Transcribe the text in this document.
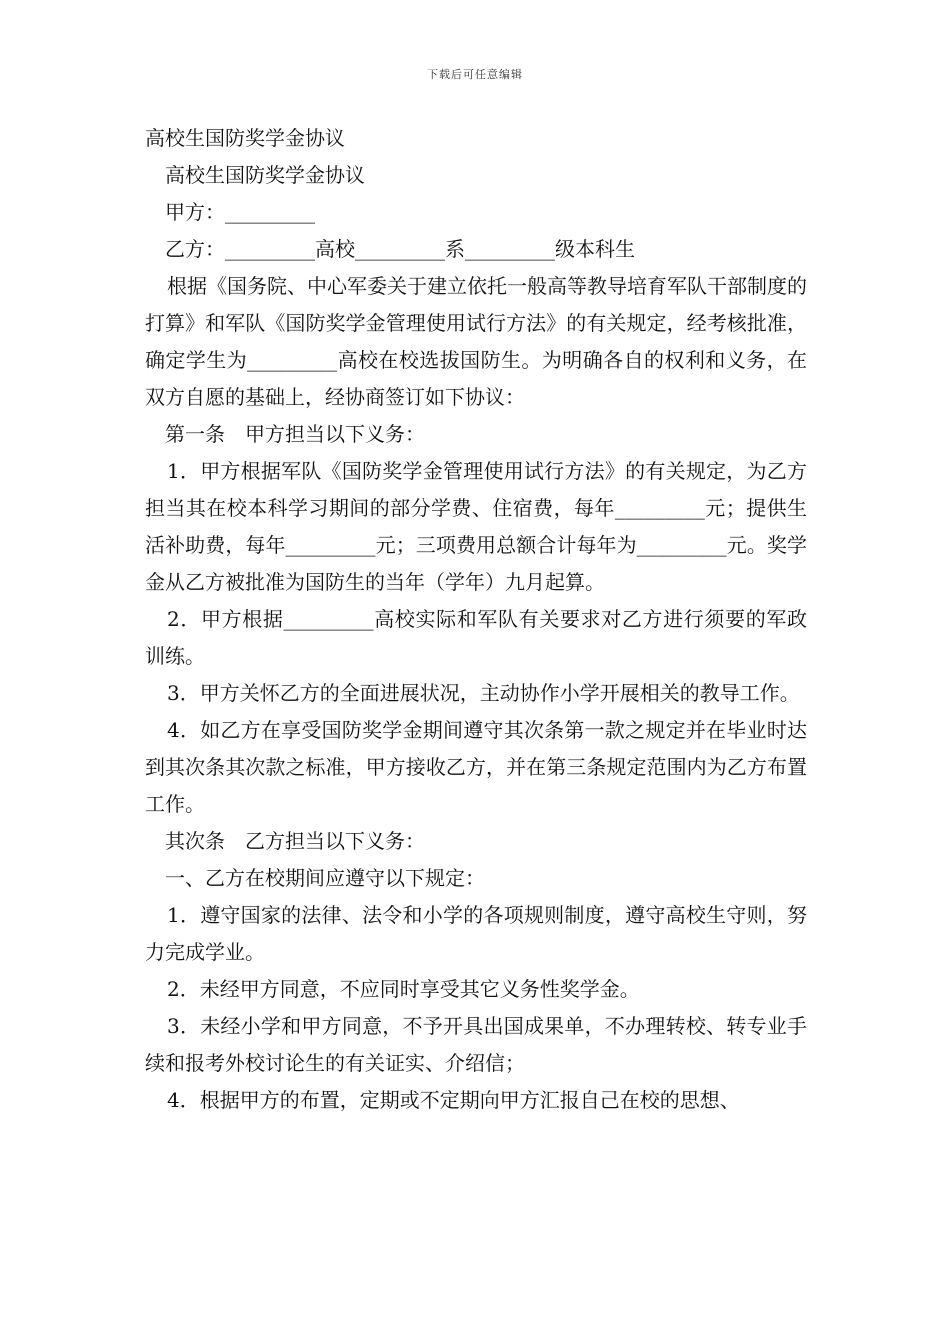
下载后可任意编辑

高校生国防奖学金协议

高校生国防奖学金协议

甲方：_________

乙方：_________高校_________系_________级本科生

根据《国务院、中心军委关于建立依托一般高等教导培育军队干部制度的打算》和军队《国防奖学金管理使用试行方法》的有关规定，经考核批准，确定学生为_________高校在校选拔国防生。为明确各自的权利和义务，在双方自愿的基础上，经协商签订如下协议：

第一条　甲方担当以下义务：

1．甲方根据军队《国防奖学金管理使用试行方法》的有关规定，为乙方担当其在校本科学习期间的部分学费、住宿费，每年_________元；提供生活补助费，每年_________元；三项费用总额合计每年为_________元。奖学金从乙方被批准为国防生的当年（学年）九月起算。

2．甲方根据_________高校实际和军队有关要求对乙方进行须要的军政训练。

3．甲方关怀乙方的全面进展状况，主动协作小学开展相关的教导工作。

4．如乙方在享受国防奖学金期间遵守其次条第一款之规定并在毕业时达到其次条其次款之标准，甲方接收乙方，并在第三条规定范围内为乙方布置工作。

其次条　乙方担当以下义务：

一、乙方在校期间应遵守以下规定：

1．遵守国家的法律、法令和小学的各项规则制度，遵守高校生守则，努力完成学业。

2．未经甲方同意，不应同时享受其它义务性奖学金。

3．未经小学和甲方同意，不予开具出国成果单，不办理转校、转专业手续和报考外校讨论生的有关证实、介绍信；

4．根据甲方的布置，定期或不定期向甲方汇报自己在校的思想、
